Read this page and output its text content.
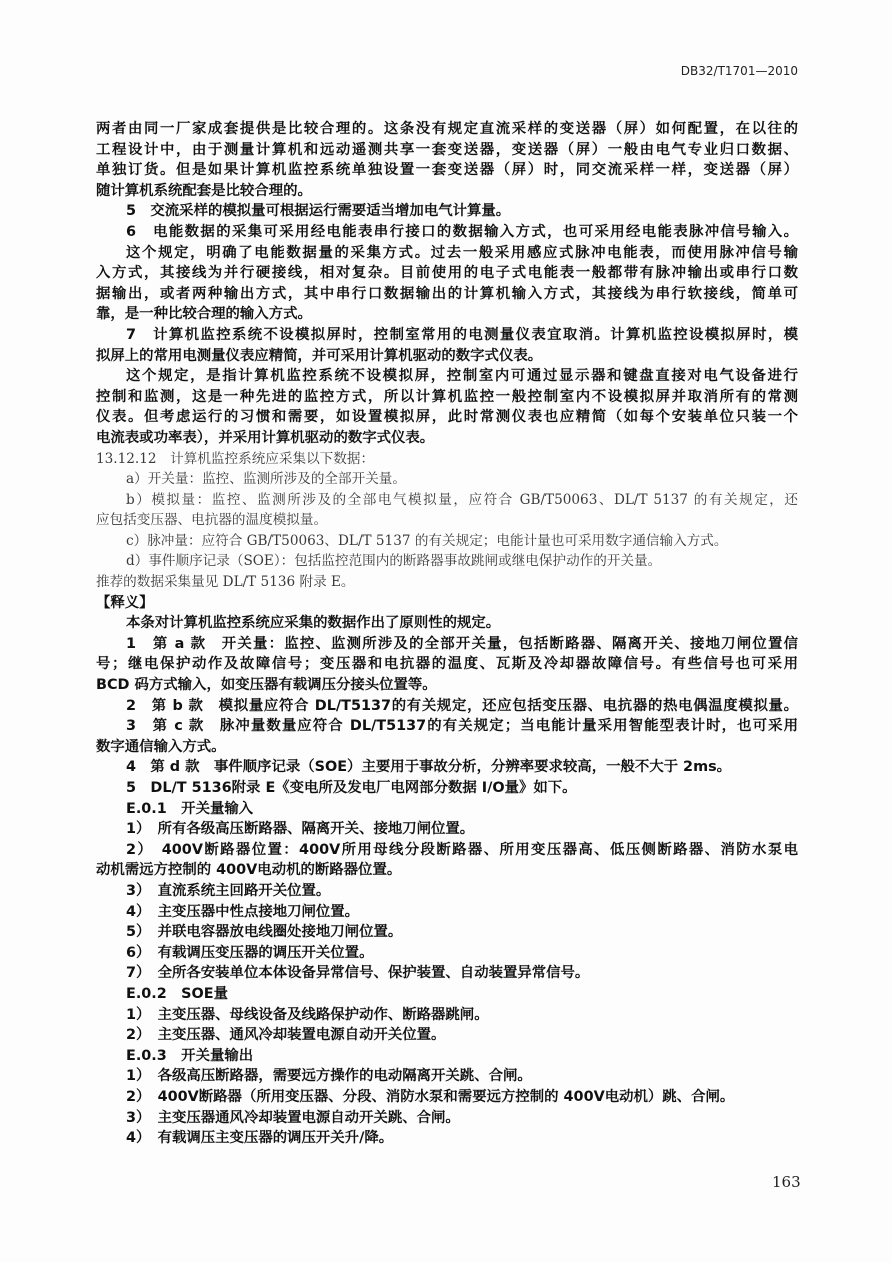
DB32/T1701—2010
两者由同一厂家成套提供是比较合理的。这条没有规定直流采样的变送器（屏）如何配置，在以往的
工程设计中，由于测量计算机和远动遥测共享一套变送器，变送器（屏）一般由电气专业归口数据、
单独订货。但是如果计算机监控系统单独设置一套变送器（屏）时，同交流采样一样，变送器（屏）
随计算机系统配套是比较合理的。
5　交流采样的模拟量可根据运行需要适当增加电气计算量。
6　电能数据的采集可采用经电能表串行接口的数据输入方式，也可采用经电能表脉冲信号输入。
这个规定，明确了电能数据量的采集方式。过去一般采用感应式脉冲电能表，而使用脉冲信号输
入方式，其接线为并行硬接线，相对复杂。目前使用的电子式电能表一般都带有脉冲输出或串行口数
据输出，或者两种输出方式，其中串行口数据输出的计算机输入方式，其接线为串行软接线，简单可
靠，是一种比较合理的输入方式。
7　计算机监控系统不设模拟屏时，控制室常用的电测量仪表宜取消。计算机监控设模拟屏时，模
拟屏上的常用电测量仪表应精简，并可采用计算机驱动的数字式仪表。
这个规定，是指计算机监控系统不设模拟屏，控制室内可通过显示器和键盘直接对电气设备进行
控制和监测，这是一种先进的监控方式，所以计算机监控一般控制室内不设模拟屏并取消所有的常测
仪表。但考虑运行的习惯和需要，如设置模拟屏，此时常测仪表也应精简（如每个安装单位只装一个
电流表或功率表），并采用计算机驱动的数字式仪表。
13.12.12　计算机监控系统应采集以下数据：
a）开关量：监控、监测所涉及的全部开关量。
b）模拟量：监控、监测所涉及的全部电气模拟量，应符合 GB/T50063、DL/T 5137 的有关规定，还
应包括变压器、电抗器的温度模拟量。
c）脉冲量：应符合 GB/T50063、DL/T 5137 的有关规定；电能计量也可采用数字通信输入方式。
d）事件顺序记录（SOE）：包括监控范围内的断路器事故跳闸或继电保护动作的开关量。
推荐的数据采集量见 DL/T 5136 附录 E。
【释义】
本条对计算机监控系统应采集的数据作出了原则性的规定。
1　第 a 款　开关量：监控、监测所涉及的全部开关量，包括断路器、隔离开关、接地刀闸位置信
号；继电保护动作及故障信号；变压器和电抗器的温度、瓦斯及冷却器故障信号。有些信号也可采用
BCD 码方式输入，如变压器有载调压分接头位置等。
2　第 b 款　模拟量应符合 DL/T5137的有关规定，还应包括变压器、电抗器的热电偶温度模拟量。
3　第 c 款　脉冲量数量应符合 DL/T5137的有关规定；当电能计量采用智能型表计时，也可采用
数字通信输入方式。
4　第 d 款　事件顺序记录（SOE）主要用于事故分析，分辨率要求较高，一般不大于 2ms。
5　DL/T 5136附录 E《变电所及发电厂电网部分数据 I/O量》如下。
E.0.1　开关量输入
1）　所有各级高压断路器、隔离开关、接地刀闸位置。
2）　400V断路器位置：400V所用母线分段断路器、所用变压器高、低压侧断路器、消防水泵电
动机需远方控制的 400V电动机的断路器位置。
3）　直流系统主回路开关位置。
4）　主变压器中性点接地刀闸位置。
5）　并联电容器放电线圈处接地刀闸位置。
6）　有载调压变压器的调压开关位置。
7）　全所各安装单位本体设备异常信号、保护装置、自动装置异常信号。
E.0.2　SOE量
1）　主变压器、母线设备及线路保护动作、断路器跳闸。
2）　主变压器、通风冷却装置电源自动开关位置。
E.0.3　开关量输出
1）　各级高压断路器，需要远方操作的电动隔离开关跳、合闸。
2）　400V断路器（所用变压器、分段、消防水泵和需要远方控制的 400V电动机）跳、合闸。
3）　主变压器通风冷却装置电源自动开关跳、合闸。
4）　有载调压主变压器的调压开关升/降。
163
